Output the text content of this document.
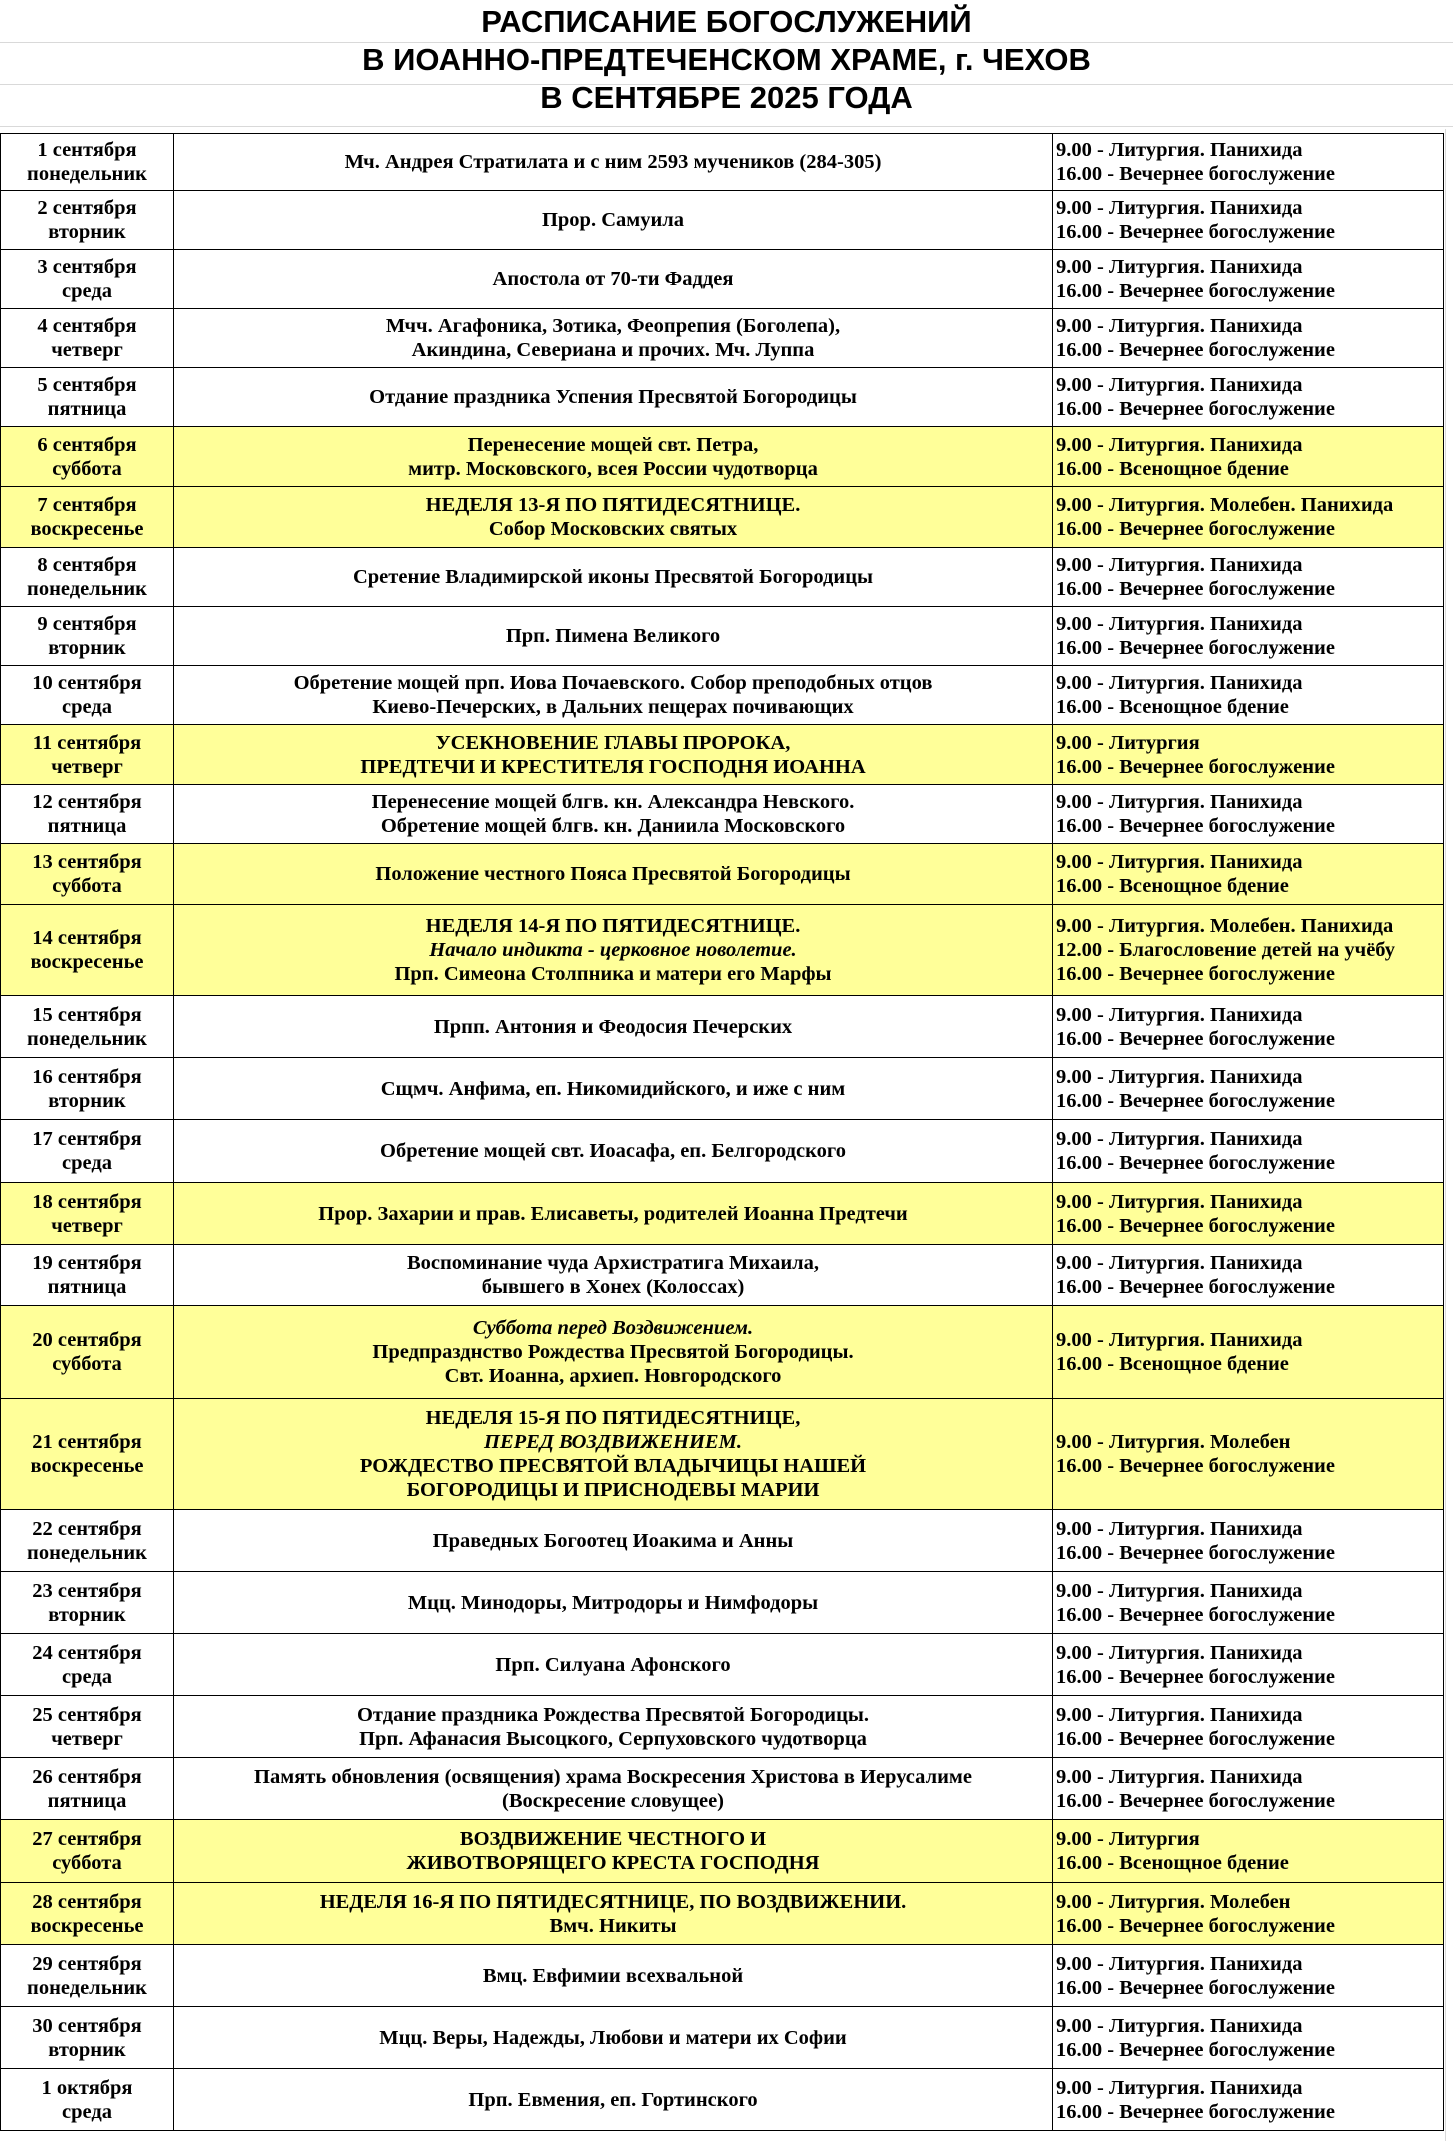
РАСПИСАНИЕ БОГОСЛУЖЕНИЙ
В ИОАННО-ПРЕДТЕЧЕНСКОМ ХРАМЕ, г. ЧЕХОВ
В СЕНТЯБРЕ 2025 ГОДА
1 сентября
понедельник	Мч. Андрея Стратилата и с ним 2593 мучеников (284-305)	9.00 - Литургия. Панихида
16.00 - Вечернее богослужение

2 сентября
вторник	Прор. Самуила	9.00 - Литургия. Панихида
16.00 - Вечернее богослужение

3 сентября
среда	Апостола от 70-ти Фаддея	9.00 - Литургия. Панихида
16.00 - Вечернее богослужение

4 сентября
четверг	Мчч. Агафоника, Зотика, Феопрепия (Боголепа),
Акиндина, Севериана и прочих. Мч. Луппа	9.00 - Литургия. Панихида
16.00 - Вечернее богослужение

5 сентября
пятница	Отдание праздника Успения Пресвятой Богородицы	9.00 - Литургия. Панихида
16.00 - Вечернее богослужение

6 сентября
суббота	Перенесение мощей свт. Петра,
митр. Московского, всея России чудотворца	9.00 - Литургия. Панихида
16.00 - Всенощное бдение

7 сентября
воскресенье	НЕДЕЛЯ 13-Я ПО ПЯТИДЕСЯТНИЦЕ.
Собор Московских святых	9.00 - Литургия. Молебен. Панихида
16.00 - Вечернее богослужение

8 сентября
понедельник	Сретение Владимирской иконы Пресвятой Богородицы	9.00 - Литургия. Панихида
16.00 - Вечернее богослужение

9 сентября
вторник	Прп. Пимена Великого	9.00 - Литургия. Панихида
16.00 - Вечернее богослужение

10 сентября
среда	Обретение мощей прп. Иова Почаевского. Собор преподобных отцов
Киево-Печерских, в Дальних пещерах почивающих	9.00 - Литургия. Панихида
16.00 - Всенощное бдение

11 сентября
четверг	УСЕКНОВЕНИЕ ГЛАВЫ ПРОРОКА,
ПРЕДТЕЧИ И КРЕСТИТЕЛЯ ГОСПОДНЯ ИОАННА	9.00 - Литургия
16.00 - Вечернее богослужение

12 сентября
пятница	Перенесение мощей блгв. кн. Александра Невского.
Обретение мощей блгв. кн. Даниила Московского	9.00 - Литургия. Панихида
16.00 - Вечернее богослужение

13 сентября
суббота	Положение честного Пояса Пресвятой Богородицы	9.00 - Литургия. Панихида
16.00 - Всенощное бдение

14 сентября
воскресенье	НЕДЕЛЯ 14-Я ПО ПЯТИДЕСЯТНИЦЕ.
Начало индикта - церковное новолетие.
Прп. Симеона Столпника и матери его Марфы	9.00 - Литургия. Молебен. Панихида
12.00 - Благословение детей на учёбу
16.00 - Вечернее богослужение

15 сентября
понедельник	Прпп. Антония и Феодосия Печерских	9.00 - Литургия. Панихида
16.00 - Вечернее богослужение

16 сентября
вторник	Сщмч. Анфима, еп. Никомидийского, и иже с ним	9.00 - Литургия. Панихида
16.00 - Вечернее богослужение

17 сентября
среда	Обретение мощей свт. Иоасафа, еп. Белгородского	9.00 - Литургия. Панихида
16.00 - Вечернее богослужение

18 сентября
четверг	Прор. Захарии и прав. Елисаветы, родителей Иоанна Предтечи	9.00 - Литургия. Панихида
16.00 - Вечернее богослужение

19 сентября
пятница	Воспоминание чуда Архистратига Михаила,
бывшего в Хонех (Колоссах)	9.00 - Литургия. Панихида
16.00 - Вечернее богослужение

20 сентября
суббота	Суббота перед Воздвижением.
Предпразднство Рождества Пресвятой Богородицы.
Свт. Иоанна, архиеп. Новгородского	9.00 - Литургия. Панихида
16.00 - Всенощное бдение

21 сентября
воскресенье	НЕДЕЛЯ 15-Я ПО ПЯТИДЕСЯТНИЦЕ,
ПЕРЕД ВОЗДВИЖЕНИЕМ.
РОЖДЕСТВО ПРЕСВЯТОЙ ВЛАДЫЧИЦЫ НАШЕЙ
БОГОРОДИЦЫ И ПРИСНОДЕВЫ МАРИИ	9.00 - Литургия. Молебен
16.00 - Вечернее богослужение

22 сентября
понедельник	Праведных Богоотец Иоакима и Анны	9.00 - Литургия. Панихида
16.00 - Вечернее богослужение

23 сентября
вторник	Мцц. Минодоры, Митродоры и Нимфодоры	9.00 - Литургия. Панихида
16.00 - Вечернее богослужение

24 сентября
среда	Прп. Силуана Афонского	9.00 - Литургия. Панихида
16.00 - Вечернее богослужение

25 сентября
четверг	Отдание праздника Рождества Пресвятой Богородицы.
Прп. Афанасия Высоцкого, Серпуховского чудотворца	9.00 - Литургия. Панихида
16.00 - Вечернее богослужение

26 сентября
пятница	Память обновления (освящения) храма Воскресения Христова в Иерусалиме
(Воскресение словущее)	9.00 - Литургия. Панихида
16.00 - Вечернее богослужение

27 сентября
суббота	ВОЗДВИЖЕНИЕ ЧЕСТНОГО И
ЖИВОТВОРЯЩЕГО КРЕСТА ГОСПОДНЯ	9.00 - Литургия
16.00 - Всенощное бдение

28 сентября
воскресенье	НЕДЕЛЯ 16-Я ПО ПЯТИДЕСЯТНИЦЕ, ПО ВОЗДВИЖЕНИИ.
Вмч. Никиты	9.00 - Литургия. Молебен
16.00 - Вечернее богослужение

29 сентября
понедельник	Вмц. Евфимии всехвальной	9.00 - Литургия. Панихида
16.00 - Вечернее богослужение

30 сентября
вторник	Мцц. Веры, Надежды, Любови и матери их Софии	9.00 - Литургия. Панихида
16.00 - Вечернее богослужение

1 октября
среда	Прп. Евмения, еп. Гортинского	9.00 - Литургия. Панихида
16.00 - Вечернее богослужение
